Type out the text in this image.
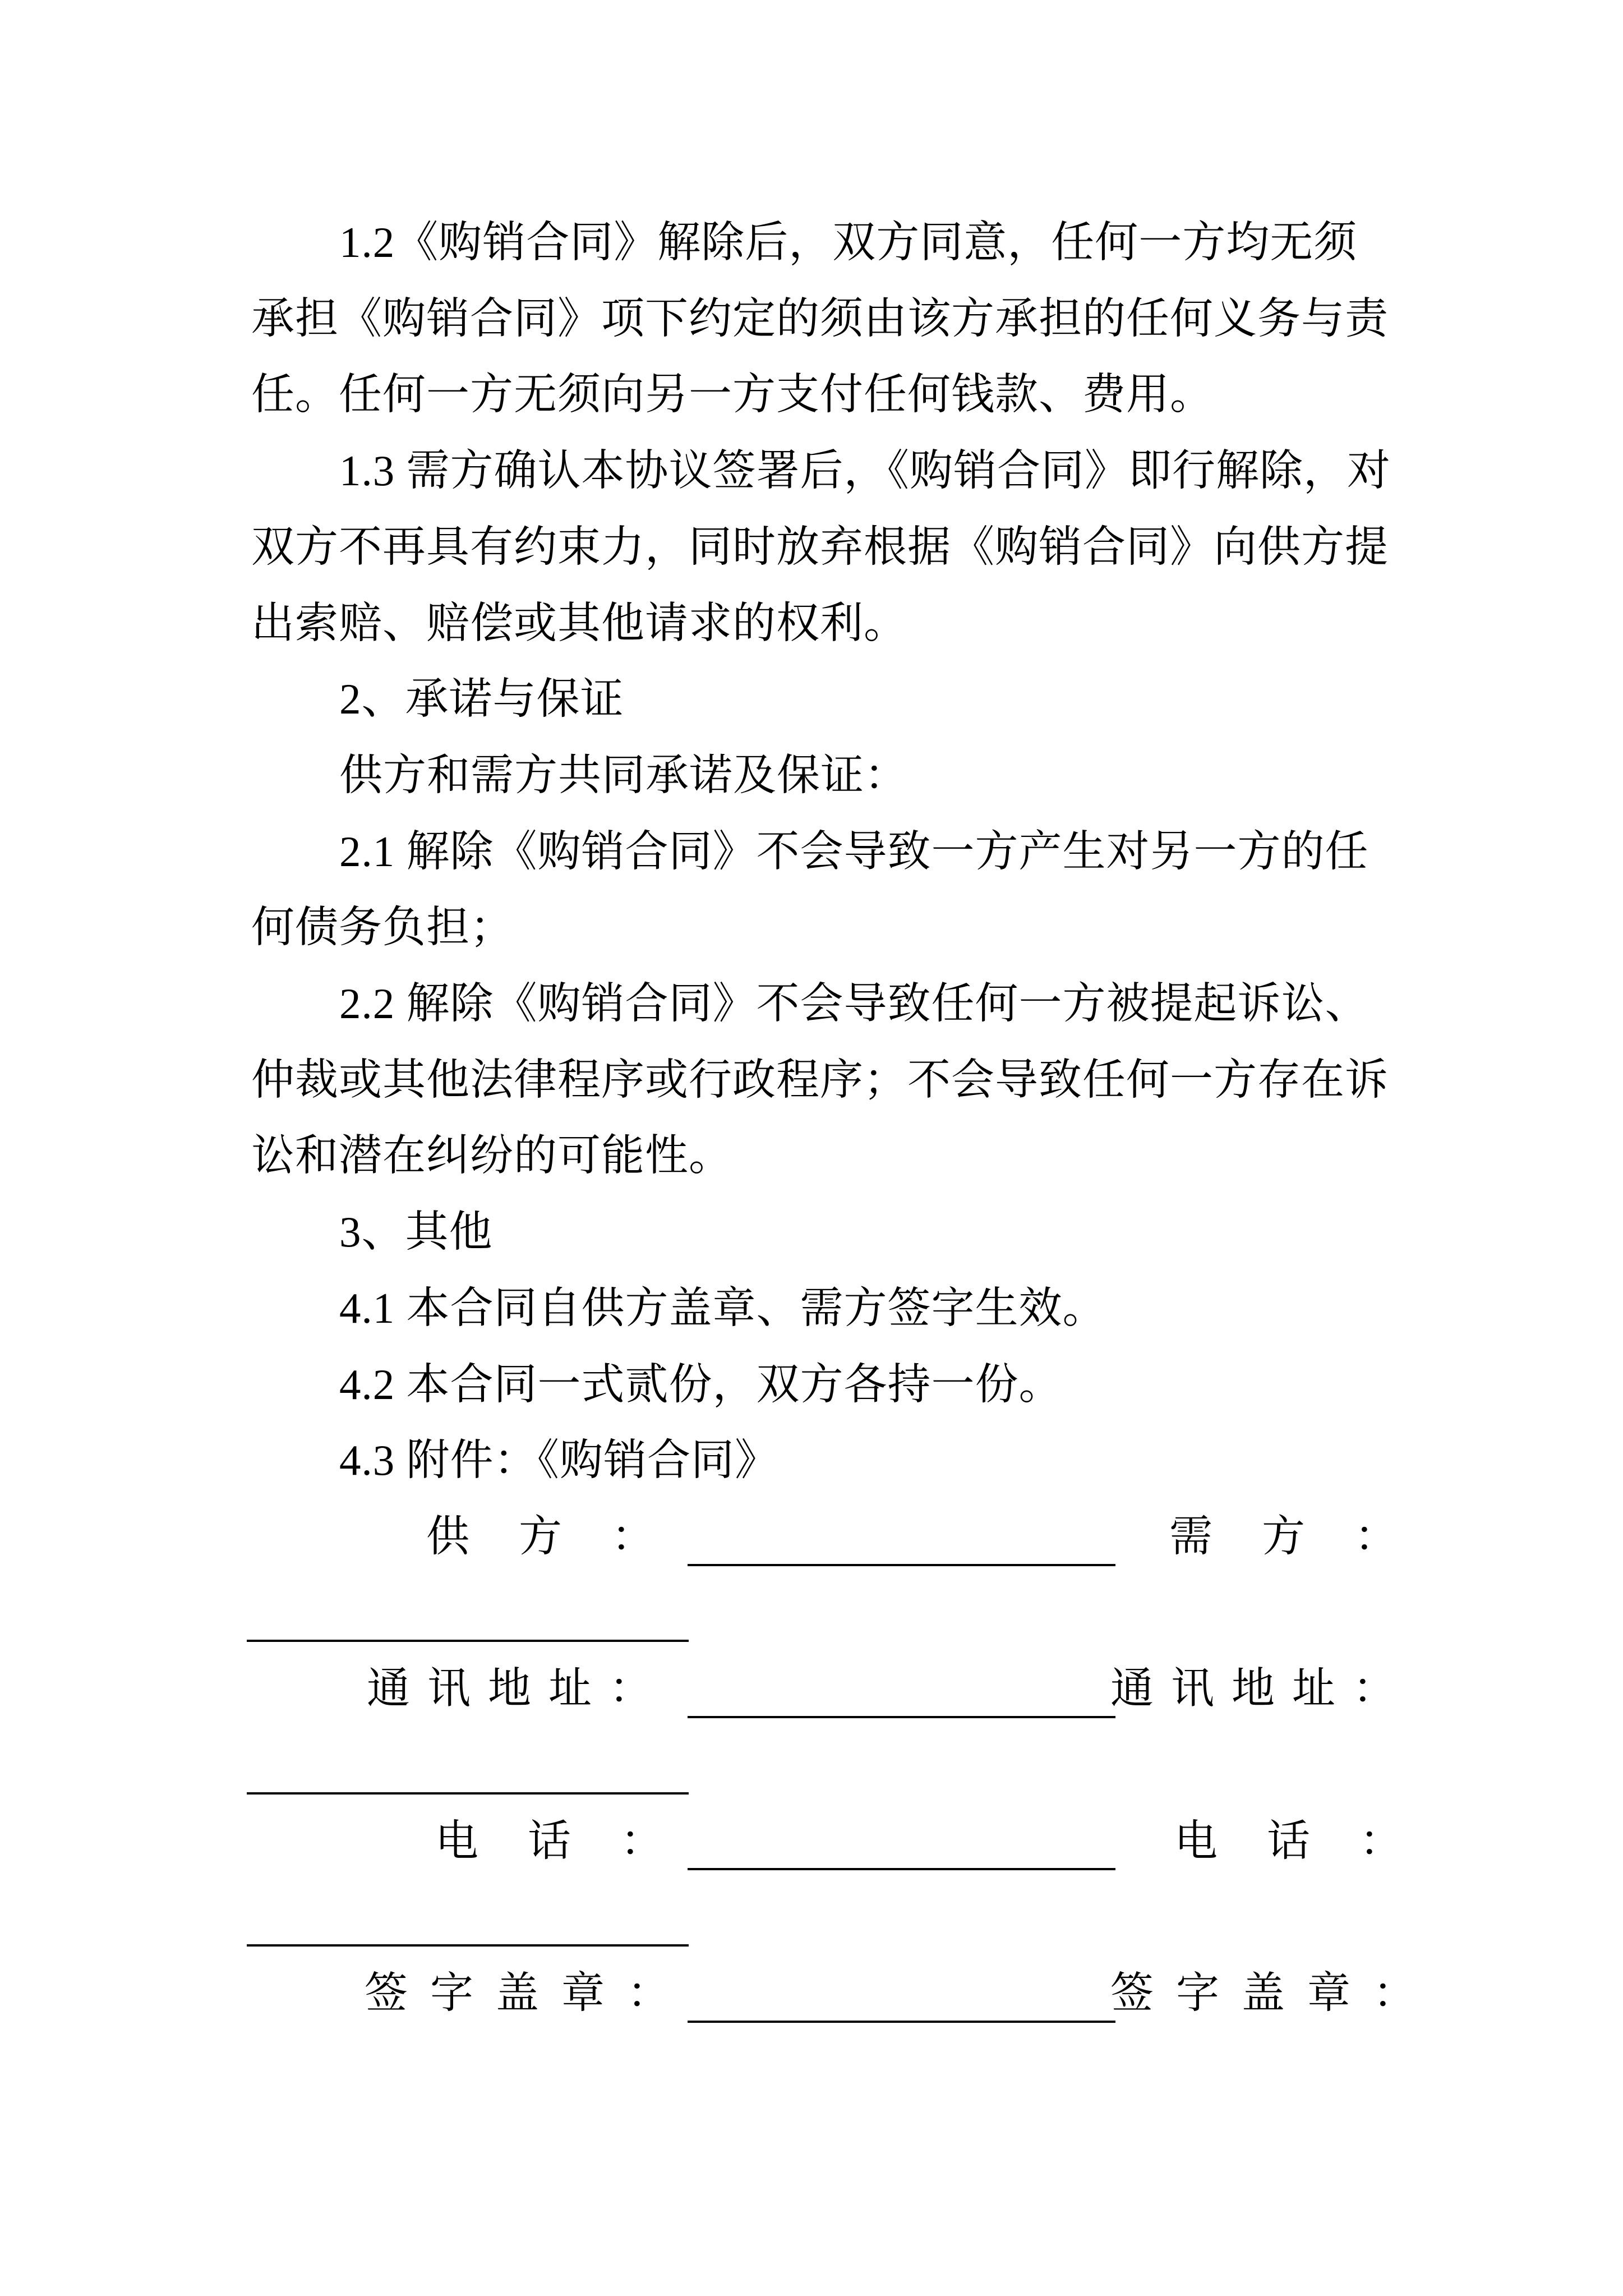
1.2《购销合同》解除后，双方同意，任何一方均无须
承担《购销合同》项下约定的须由该方承担的任何义务与责
任。任何一方无须向另一方支付任何钱款、费用。
1.3 需方确认本协议签署后，《购销合同》即行解除，对
双方不再具有约束力，同时放弃根据《购销合同》向供方提
出索赔、赔偿或其他请求的权利。
2、承诺与保证
供方和需方共同承诺及保证：
2.1 解除《购销合同》不会导致一方产生对另一方的任
何债务负担；
2.2 解除《购销合同》不会导致任何一方被提起诉讼、
仲裁或其他法律程序或行政程序；不会导致任何一方存在诉
讼和潜在纠纷的可能性。
3、其他
4.1 本合同自供方盖章、需方签字生效。
4.2 本合同一式贰份，双方各持一份。
4.3 附件：《购销合同》
供方：	需方：
通讯地址：	通讯地址：
电话：	电话：
签字盖章：	签字盖章：
